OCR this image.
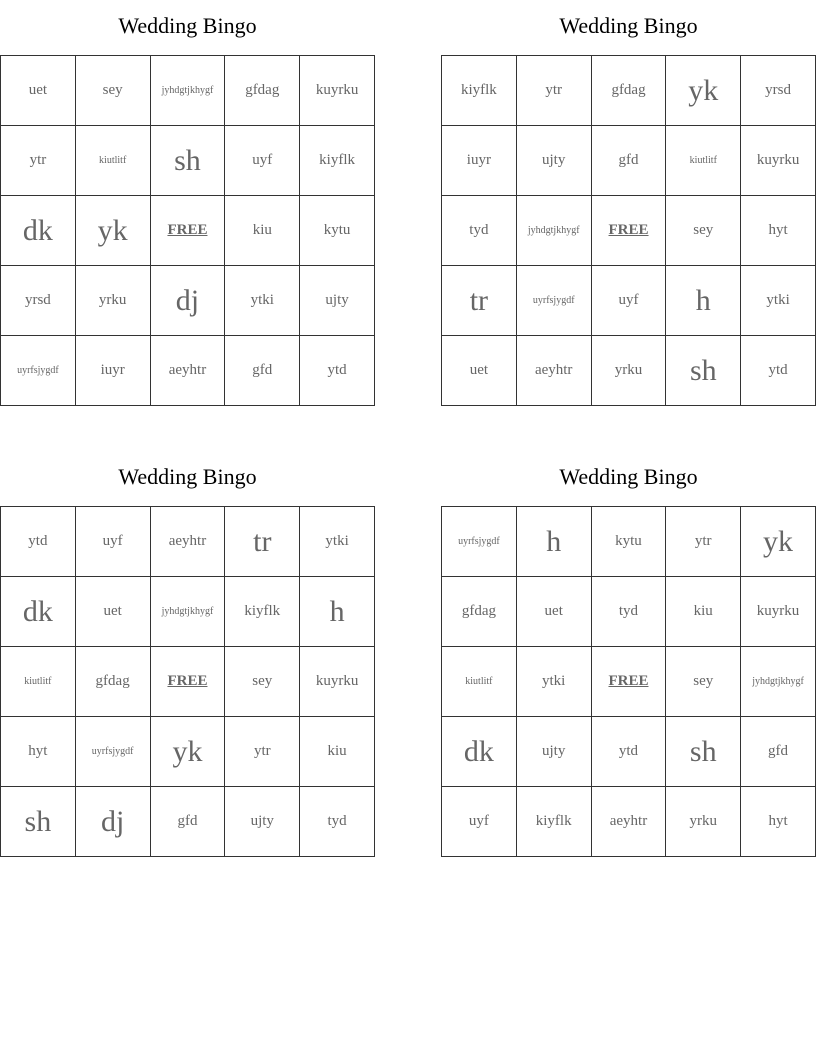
Wedding Bingo
uet	sey	jyhdgtjkhygf	gfdag	kuyrku
ytr	kiutlitf	sh	uyf	kiyflk
dk	yk	FREE	kiu	kytu
yrsd	yrku	dj	ytki	ujty
uyrfsjygdf	iuyr	aeyhtr	gfd	ytd
Wedding Bingo
kiyflk	ytr	gfdag	yk	yrsd
iuyr	ujty	gfd	kiutlitf	kuyrku
tyd	jyhdgtjkhygf	FREE	sey	hyt
tr	uyrfsjygdf	uyf	h	ytki
uet	aeyhtr	yrku	sh	ytd
Wedding Bingo
ytd	uyf	aeyhtr	tr	ytki
dk	uet	jyhdgtjkhygf	kiyflk	h
kiutlitf	gfdag	FREE	sey	kuyrku
hyt	uyrfsjygdf	yk	ytr	kiu
sh	dj	gfd	ujty	tyd
Wedding Bingo
uyrfsjygdf	h	kytu	ytr	yk
gfdag	uet	tyd	kiu	kuyrku
kiutlitf	ytki	FREE	sey	jyhdgtjkhygf
dk	ujty	ytd	sh	gfd
uyf	kiyflk	aeyhtr	yrku	hyt
